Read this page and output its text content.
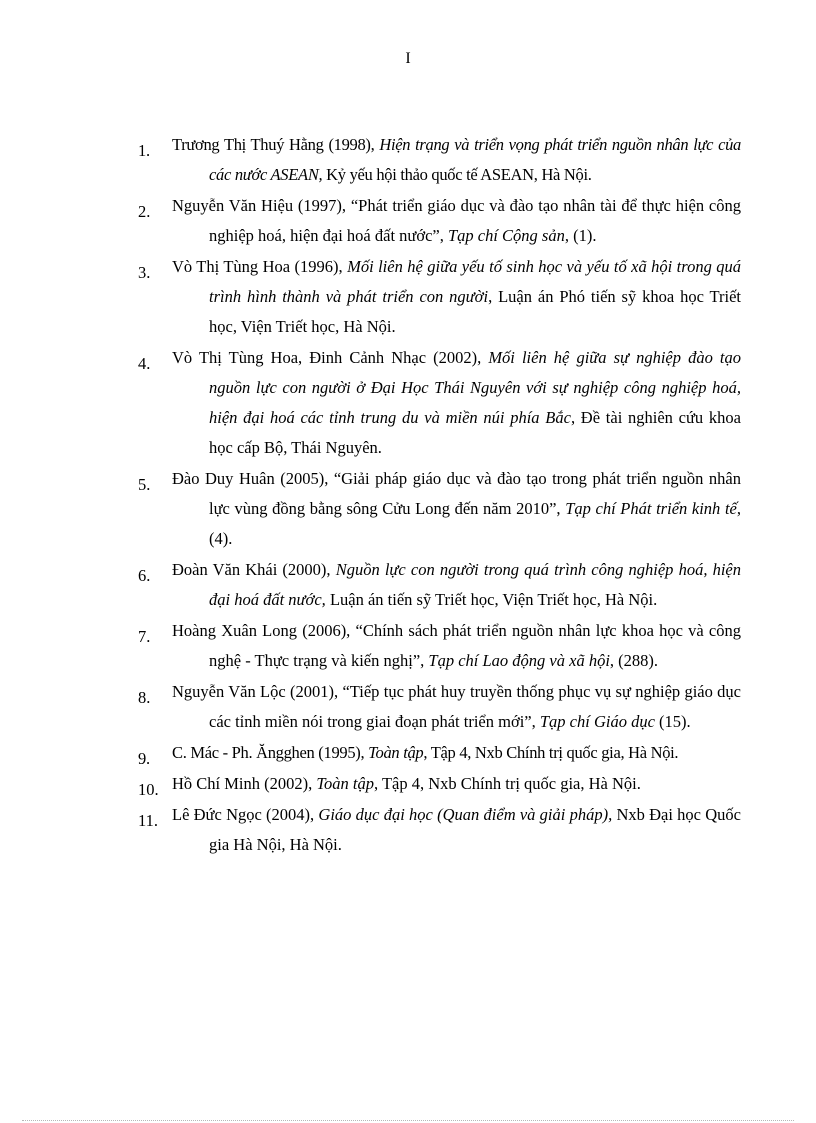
I
1.	Trương Thị Thuý Hằng (1998), Hiện trạng và triển vọng phát triển nguồn nhân lực của các nước ASEAN, Kỷ yếu hội thảo quốc tế ASEAN, Hà Nội.
2.	Nguyễn Văn Hiệu (1997), “Phát triển giáo dục và đào tạo nhân tài để thực hiện công nghiệp hoá, hiện đại hoá đất nước”, Tạp chí Cộng sản, (1).
3.	Vò Thị Tùng Hoa (1996), Mối liên hệ giữa yếu tố sinh học và yếu tố xã hội trong quá trình hình thành và phát triển con người, Luận án Phó tiến sỹ khoa học Triết học, Viện Triết học, Hà Nội.
4.	Vò Thị Tùng Hoa, Đinh Cảnh Nhạc (2002), Mối liên hệ giữa sự nghiệp đào tạo nguồn lực con người ở Đại Học Thái Nguyên với sự nghiệp công nghiệp hoá, hiện đại hoá các tỉnh trung du và miền núi phía Bắc, Đề tài nghiên cứu khoa học cấp Bộ, Thái Nguyên.
5.	Đào Duy Huân (2005), “Giải pháp giáo dục và đào tạo trong phát triển nguồn nhân lực vùng đồng bằng sông Cửu Long đến năm 2010”, Tạp chí Phát triển kinh tế, (4).
6.	Đoàn Văn Khái (2000), Nguồn lực con người trong quá trình công nghiệp hoá, hiện đại hoá đất nước, Luận án tiến sỹ Triết học, Viện Triết học, Hà Nội.
7.	Hoàng Xuân Long (2006), “Chính sách phát triển nguồn nhân lực khoa học và công nghệ - Thực trạng và kiến nghị”, Tạp chí Lao động và xã hội, (288).
8.	Nguyễn Văn Lộc (2001), “Tiếp tục phát huy truyền thống phục vụ sự nghiệp giáo dục các tỉnh miền nói trong giai đoạn phát triển mới”, Tạp chí Giáo dục (15).
9.	C. Mác - Ph. Ăngghen (1995), Toàn tập, Tập 4, Nxb Chính trị quốc gia, Hà Nội.
10. Hồ Chí Minh (2002), Toàn tập, Tập 4, Nxb Chính trị quốc gia, Hà Nội.
11. Lê Đức Ngọc (2004), Giáo dục đại học (Quan điểm và giải pháp), Nxb Đại học Quốc gia Hà Nội, Hà Nội.
